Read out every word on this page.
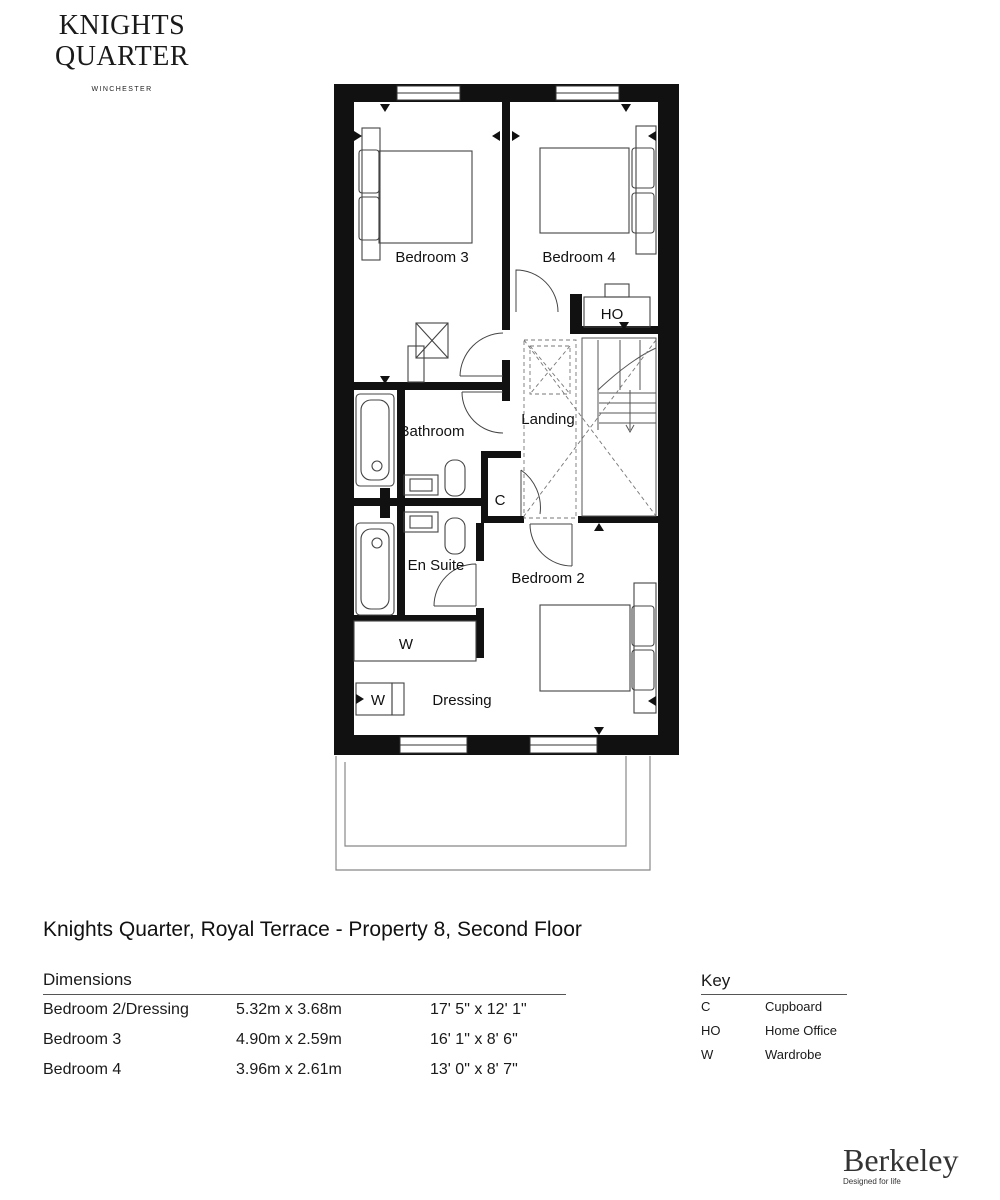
KNIGHTS
QUARTER
WINCHESTER
Bedroom 3	Bedroom 4
HO
Bathroom
Landing
C
En Suite
Bedroom 2
W
W	Dressing
Knights Quarter, Royal Terrace - Property 8, Second Floor
Dimensions
Bedroom 2/Dressing	5.32m x 3.68m	17' 5" x 12' 1"
Bedroom 3	4.90m x 2.59m	16' 1" x 8' 6"
Bedroom 4	3.96m x 2.61m	13' 0" x 8' 7"
Key
C	Cupboard
HO	Home Office
W	Wardrobe
Berkeley
Designed for life
